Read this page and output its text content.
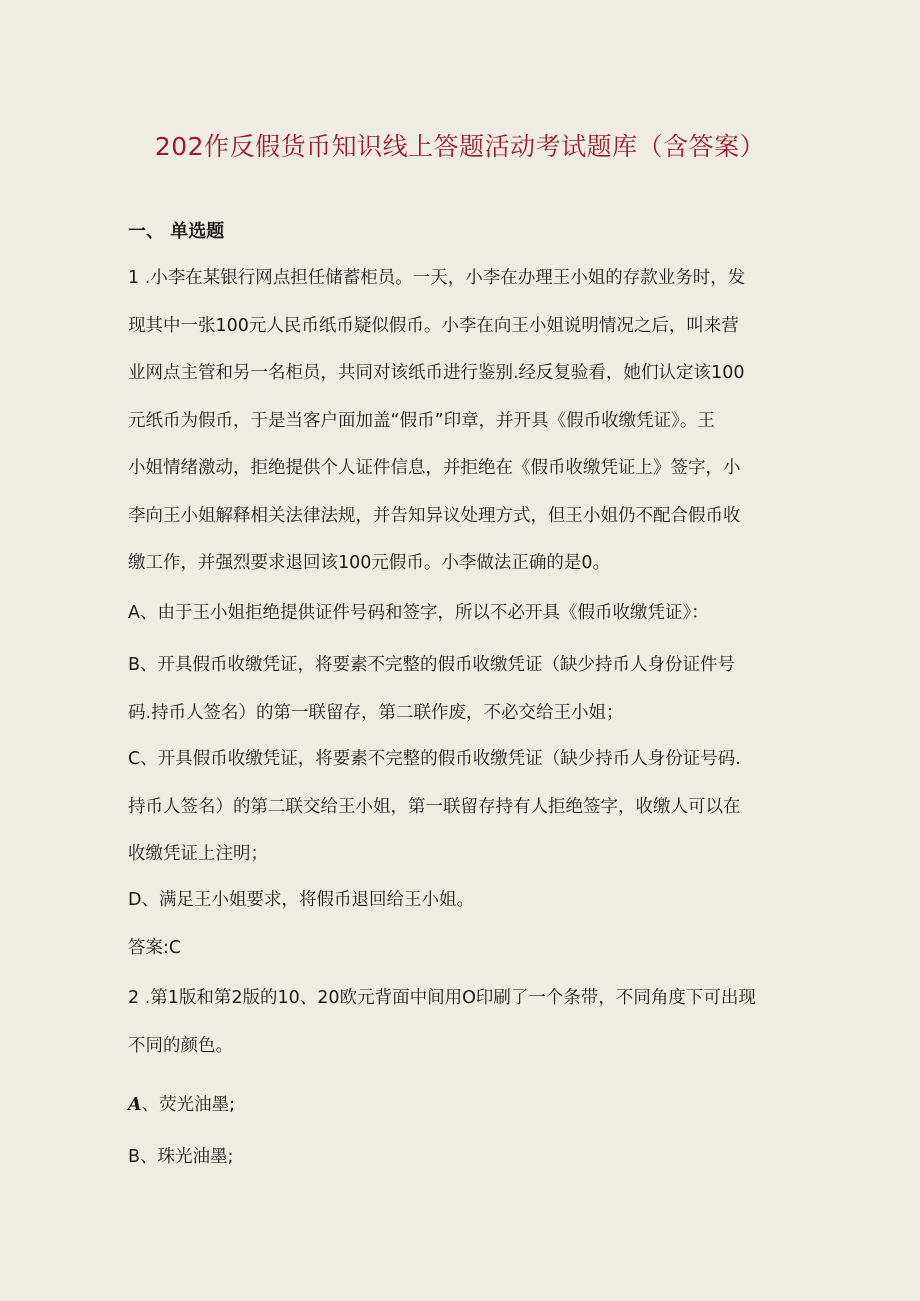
202作反假货币知识线上答题活动考试题库（含答案）
一、 单选题
1 .小李在某银行网点担任储蓄柜员。一天，小李在办理王小姐的存款业务时，发
现其中一张100元人民币纸币疑似假币。小李在向王小姐说明情况之后，叫来营
业网点主管和另一名柜员，共同对该纸币进行鉴别.经反复验看，她们认定该100
元纸币为假币，于是当客户面加盖“假币”印章，并开具《假币收缴凭证》。王
小姐情绪激动，拒绝提供个人证件信息，并拒绝在《假币收缴凭证上》签字，小
李向王小姐解释相关法律法规，并告知异议处理方式，但王小姐仍不配合假币收
缴工作，并强烈要求退回该100元假币。小李做法正确的是0。
A、由于王小姐拒绝提供证件号码和签字，所以不必开具《假币收缴凭证》：
B、开具假币收缴凭证，将要素不完整的假币收缴凭证（缺少持币人身份证件号
码.持币人签名）的第一联留存，第二联作废，不必交给王小姐；
C、开具假币收缴凭证，将要素不完整的假币收缴凭证（缺少持币人身份证号码.
持币人签名）的第二联交给王小姐，第一联留存持有人拒绝签字，收缴人可以在
收缴凭证上注明；
D、满足王小姐要求，将假币退回给王小姐。
答案:C
2 .第1版和第2版的10、20欧元背面中间用O印刷了一个条带，不同角度下可出现
不同的颜色。
A、荧光油墨;
B、珠光油墨;
